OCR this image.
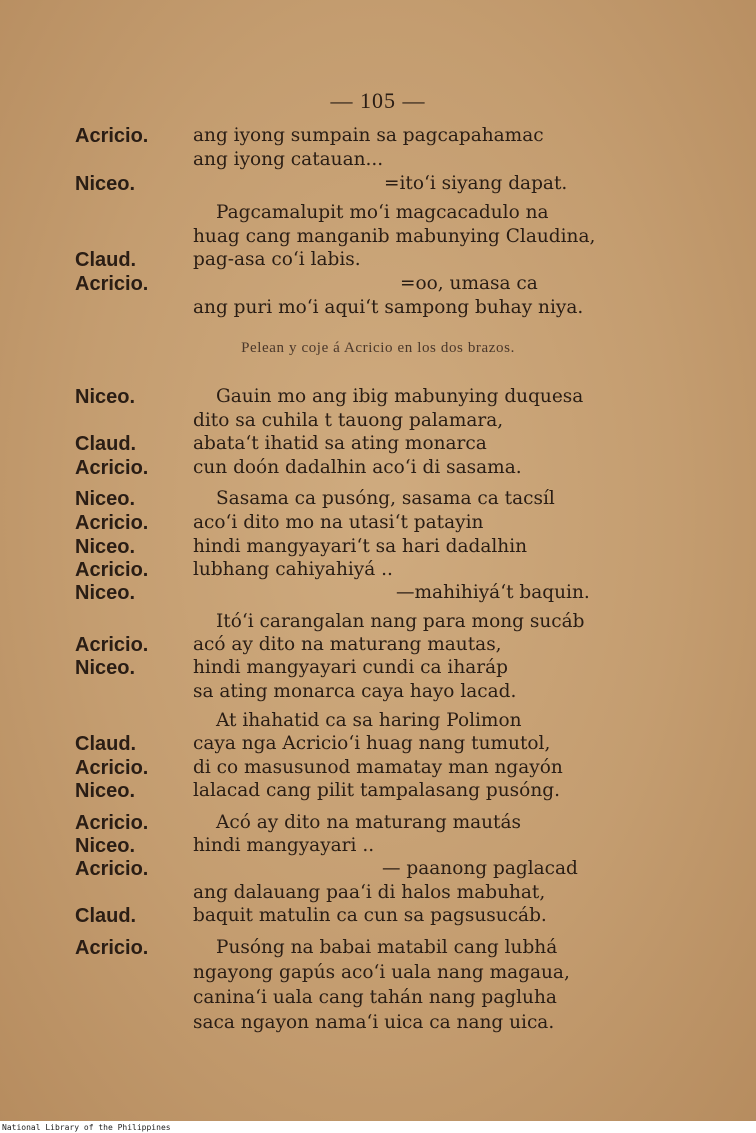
— 105 —
Acricio. ang iyong sumpain sa pagcapahamac
ang iyong catauan...
Niceo.	=ito‘i siyang dapat.
Pagcamalupit mo‘i magcacadulo na
huag cang manganib mabunying Claudina,
Claud.	pag-asa co‘i labis.
Acricio.	=oo, umasa ca
ang puri mo‘i aqui‘t sampong buhay niya.
Pelean y coje á Acricio en los dos brazos.
Niceo.	Gauin mo ang ibig mabunying duquesa
dito sa cuhila t tauong palamara,
Claud.	abata‘t ihatid sa ating monarca
Acricio. cun doón dadalhin aco‘i di sasama.
Niceo.	Sasama ca pusóng, sasama ca tacsíl
Acricio. aco‘i dito mo na utasi‘t patayin
Niceo.	hindi mangyayari‘t sa hari dadalhin
Acricio. lubhang cahiyahiyá ..
Niceo.	—mahihiyá‘t baquin.
Itó‘i carangalan nang para mong sucáb
Acricio. acó ay dito na maturang mautas,
Niceo.	hindi mangyayari cundi ca iharáp
sa ating monarca caya hayo lacad.
At ihahatid ca sa haring Polimon
Claud.	caya nga Acricio‘i huag nang tumutol,
Acricio. di co masusunod mamatay man ngayón
Niceo.	lalacad cang pilit tampalasang pusóng.
Acricio.	Acó ay dito na maturang mautás
Niceo.	hindi mangyayari ..
Acricio.	— paanong paglacad
ang dalauang paa‘i di halos mabuhat,
Claud.	baquit matulin ca cun sa pagsusucáb.
Acricio.	Pusóng na babai matabil cang lubhá
ngayong gapús aco‘i uala nang magaua,
canina‘i uala cang tahán nang pagluha
saca ngayon nama‘i uica ca nang uica.
National Library of the Philippines
